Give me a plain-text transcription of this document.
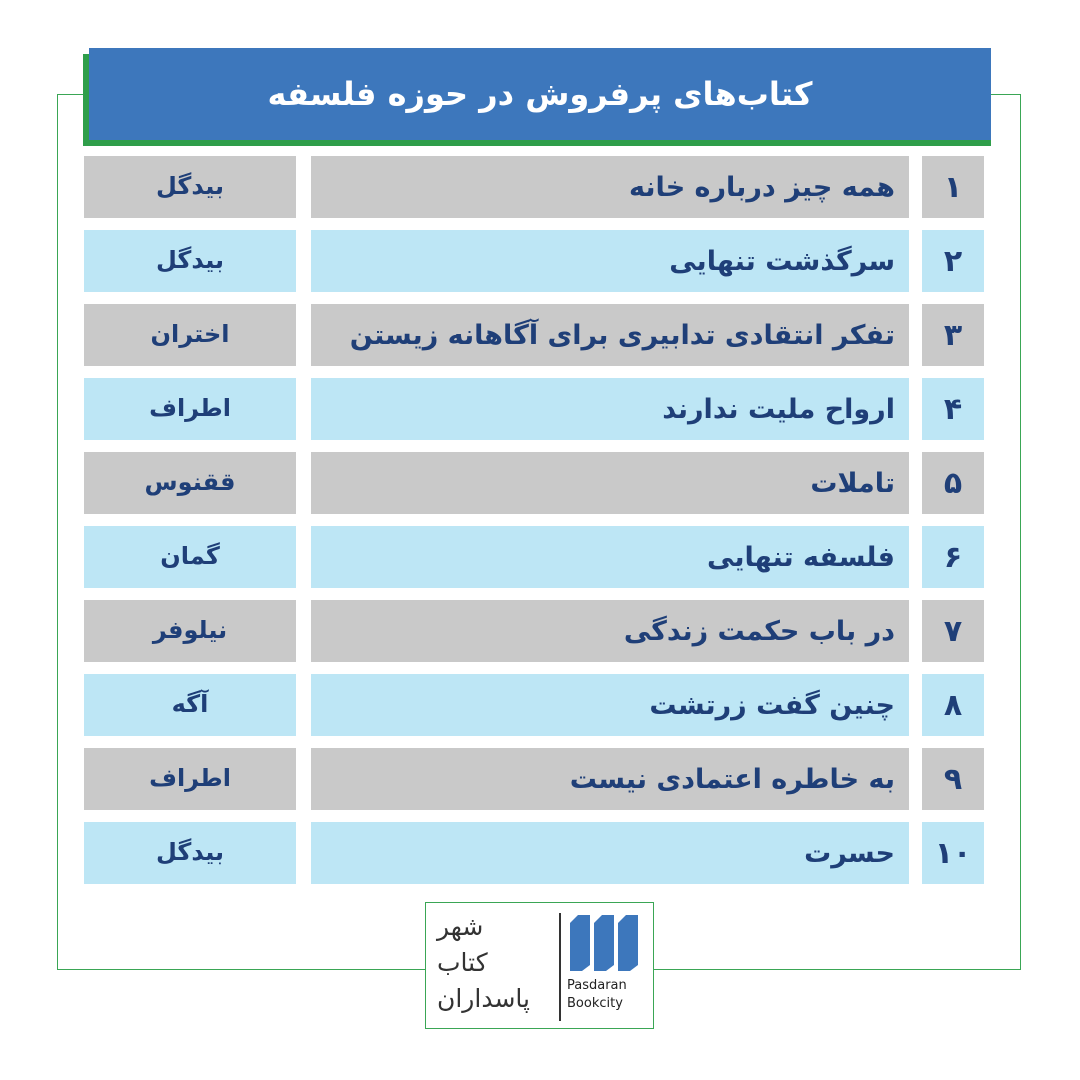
کتاب‌های پرفروش در حوزه فلسفه
۱
همه چیز درباره خانه
بیدگل
۲
سرگذشت تنهایی
بیدگل
۳
تفکر انتقادی تدابیری برای آگاهانه زیستن
اختران
۴
ارواح ملیت ندارند
اطراف
۵
تاملات
ققنوس
۶
فلسفه تنهایی
گمان
۷
در باب حکمت زندگی
نیلوفر
۸
چنین گفت زرتشت
آگه
۹
به خاطره اعتمادی نیست
اطراف
۱۰
حسرت
بیدگل
شهر
کتاب
پاسداران	Pasdaran
Bookcity
